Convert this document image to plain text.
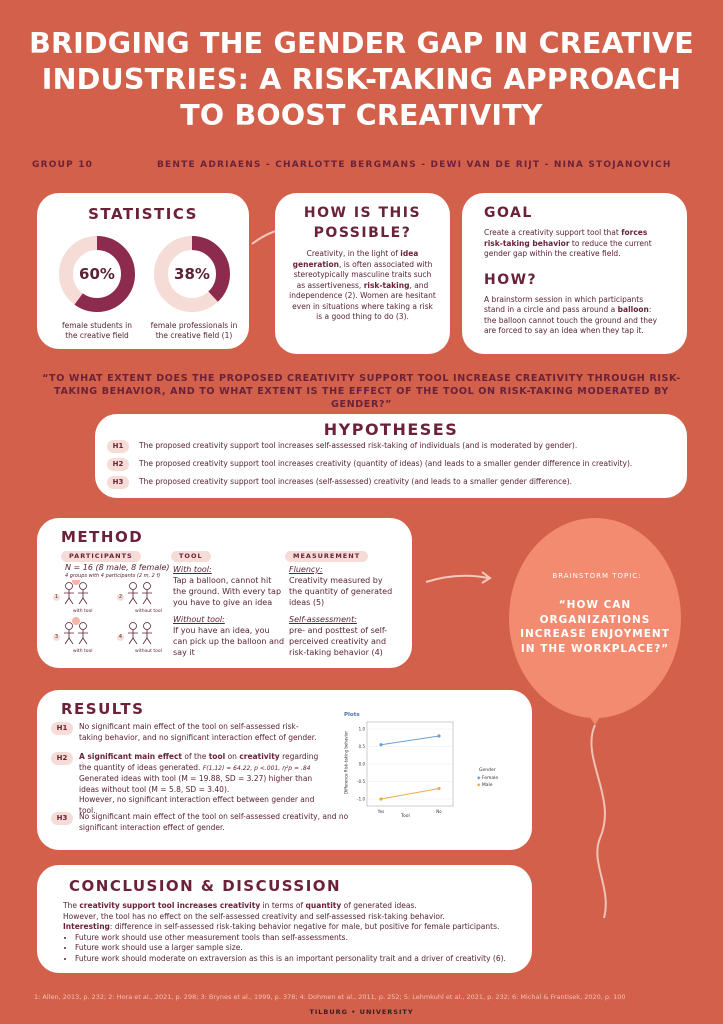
BRIDGING THE GENDER GAP IN CREATIVE
INDUSTRIES: A RISK-TAKING APPROACH
TO BOOST CREATIVITY
GROUP 10	BENTE ADRIAENS - CHARLOTTE BERGMANS - DEWI VAN DE RIJT - NINA STOJANOVICH
STATISTICS
60%
female students in
the creative field
38%
female professionals in
the creative field (1)
HOW IS THIS
POSSIBLE?

Creativity, in the light of idea generation, is often associated with stereotypically masculine traits such as assertiveness, risk-taking, and independence (2). Women are hesitant even in situations where taking a risk is a good thing to do (3).

GOAL

Create a creativity support tool that forces risk-taking behavior to reduce the current gender gap within the creative field.

HOW?

A brainstorm session in which participants stand in a circle and pass around a balloon: the balloon cannot touch the ground and they are forced to say an idea when they tap it.

“TO WHAT EXTENT DOES THE PROPOSED CREATIVITY SUPPORT TOOL INCREASE CREATIVITY THROUGH RISK-TAKING BEHAVIOR, AND TO WHAT EXTENT IS THE EFFECT OF THE TOOL ON RISK-TAKING MODERATED BY GENDER?”
HYPOTHESES
H1	The proposed creativity support tool increases self-assessed risk-taking of individuals (and is moderated by gender).
H2	The proposed creativity support tool increases creativity (quantity of ideas) (and leads to a smaller gender difference in creativity).
H3	The proposed creativity support tool increases (self-assessed) creativity (and leads to a smaller gender difference).
METHOD
PARTICIPANTS
N = 16 (8 male, 8 female)
4 groups with 4 participants (2 m, 2 f)
1	2
3	4
with tool	without tool
with tool	without tool
TOOL
With tool:
Tap a balloon, cannot hit the ground. With every tap you have to give an idea
Without tool:
If you have an idea, you can pick up the balloon and say it
MEASUREMENT
Fluency:
Creativity measured by the quantity of generated ideas (5)
Self-assessment:
pre- and posttest of self-perceived creativity and risk-taking behavior (4)
BRAINSTORM TOPIC:
“HOW CAN ORGANIZATIONS INCREASE ENJOYMENT IN THE WORKPLACE?”
RESULTS
H1	No significant main effect of the tool on self-assessed risk-taking behavior, and no significant interaction effect of gender.
H2	A significant main effect of the tool on creativity regarding the quantity of ideas generated. F(1,12) = 64.22, p <.001, η²p = .84
Generated ideas with tool (M = 19.88, SD = 3.27) higher than ideas without tool (M = 5.8, SD = 3.40).
However, no significant interaction effect between gender and tool.
H3	No significant main effect of the tool on self-assessed creativity, and no significant interaction effect of gender.
Plots
1.0
0.5
0.0
-0.5
-1.0
Yes	No
Difference Risk-taking behavior
Tool
Gender
◆ Female
◆ Male
CONCLUSION & DISCUSSION
The creativity support tool increases creativity in terms of quantity of generated ideas.
However, the tool has no effect on the self-assessed creativity and self-assessed risk-taking behavior.
Interesting: difference in self-assessed risk-taking behavior negative for male, but positive for female participants.
• Future work should use other measurement tools than self-assessments.
• Future work should use a larger sample size.
• Future work should moderate on extraversion as this is an important personality trait and a driver of creativity (6).
1: Allen, 2013, p. 232; 2: Hora et al., 2021, p. 298; 3: Brynes et al., 1999, p. 378; 4: Dohmen et al., 2011, p. 252; 5: Lehmkuhl et al., 2021, p. 232; 6: Michal & Frantisek, 2020, p. 100
TILBURG • UNIVERSITY
